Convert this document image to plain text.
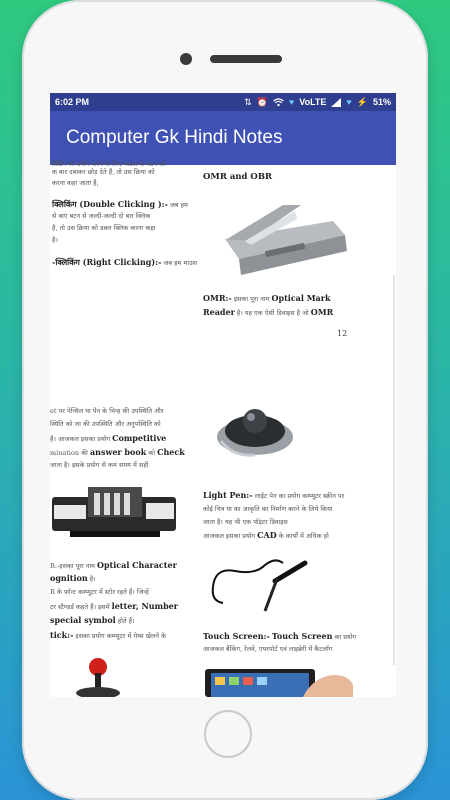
6:02 PM	⇅ ⏰ ♥ VoLTE ♥ ⚡ 51%
Computer Gk Hindi Notes
प्रिंटिंग को प्रयोग करने के लिए माउस के बटन को
क बार दबाकर छोड़ देते हैं, तो उस क्रिया को
करना कहा जाता है,
क्लिकिंग (Double Clicking ):- जब हम
से बाएं बटन से जल्दी-जल्दी दो बार क्लिक
है, तो उस क्रिया को डबल क्लिक करना कहा
है।
-क्लिकिंग (Right Clicking):- जब हम माउस
et पर पेन्सिल या पेन के चिन्ह की उपस्थिति और
स्थिति को जा की उपस्थिति और अनुपस्थिति को
है। आजकल इसका प्रयोग Competitive
mination की answer book को Check
जाता है। इसके प्रयोग से कम समय में सही
R:-इसका पूरा नाम Optical Character
ognition है।
R के फ़ॉन्ट कम्प्यूटर में स्टोर रहते हैं। जिन्हें
टर स्टैण्डर्ड कहते हैं। इसमें letter, Number
special symbol होते हैं।
tick:- इसका प्रयोग कम्प्यूटर में गेम्स खेलने के
OMR and OBR
OMR:- इसका पूरा नाम Optical Mark
Reader है। यह एक ऐसी डिवाइस है जो OMR
12
Light Pen:- लाईट पेन का प्रयोग कम्प्यूटर स्क्रीन पर
कोई चित्र या का आकृति का निर्माण करने के लिये किया
जाता है। यह भी एक पॉइंटर डिवाइस
आजकल इसका प्रयोग CAD के कार्यों में अधिक हो
Touch Screen:- Touch Screen का प्रयोग
आजकल बैंकिंग, रेलवे, एयरपोर्ट एवं लाइब्रेरी में कैटलॉग
